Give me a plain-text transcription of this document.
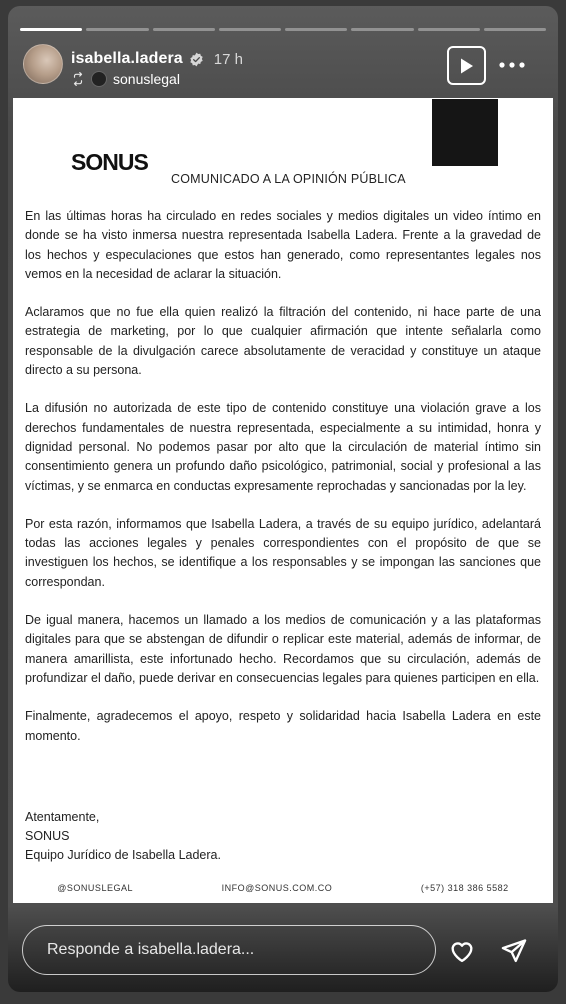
isabella.ladera 17 h
sonuslegal
SONUS
COMUNICADO A LA OPINIÓN PÚBLICA

En las últimas horas ha circulado en redes sociales y medios digitales un video íntimo en donde se ha visto inmersa nuestra representada Isabella Ladera. Frente a la gravedad de los hechos y especulaciones que estos han generado, como representantes legales nos vemos en la necesidad de aclarar la situación.

Aclaramos que no fue ella quien realizó la filtración del contenido, ni hace parte de una estrategia de marketing, por lo que cualquier afirmación que intente señalarla como responsable de la divulgación carece absolutamente de veracidad y constituye un ataque directo a su persona.

La difusión no autorizada de este tipo de contenido constituye una violación grave a los derechos fundamentales de nuestra representada, especialmente a su intimidad, honra y dignidad personal. No podemos pasar por alto que la circulación de material íntimo sin consentimiento genera un profundo daño psicológico, patrimonial, social y profesional a las víctimas, y se enmarca en conductas expresamente reprochadas y sancionadas por la ley.

Por esta razón, informamos que Isabella Ladera, a través de su equipo jurídico, adelantará todas las acciones legales y penales correspondientes con el propósito de que se investiguen los hechos, se identifique a los responsables y se impongan las sanciones que correspondan.

De igual manera, hacemos un llamado a los medios de comunicación y a las plataformas digitales para que se abstengan de difundir o replicar este material, además de informar, de manera amarillista, este infortunado hecho. Recordamos que su circulación, además de profundizar el daño, puede derivar en consecuencias legales para quienes participen en ella.

Finalmente, agradecemos el apoyo, respeto y solidaridad hacia Isabella Ladera en este momento.

Atentamente,
SONUS
Equipo Jurídico de Isabella Ladera.
@SONUSLEGAL	INFO@SONUS.COM.CO	(+57) 318 386 5582
Responde a isabella.ladera...
